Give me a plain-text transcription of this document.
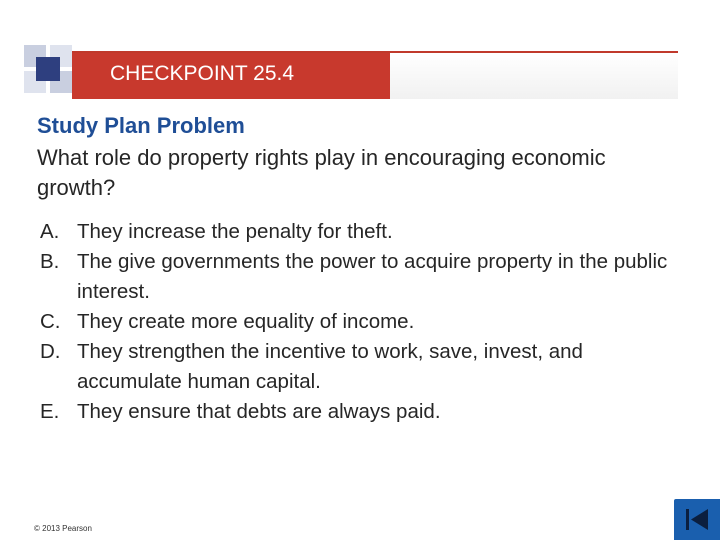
CHECKPOINT 25.4
Study Plan Problem
What role do property rights play in encouraging economic growth?
A. They increase the penalty for theft.
B. The give governments the power to acquire property in the public interest.
C. They create more equality of income.
D. They strengthen the incentive to work, save, invest, and accumulate human capital.
E. They ensure that debts are always paid.
© 2013 Pearson
